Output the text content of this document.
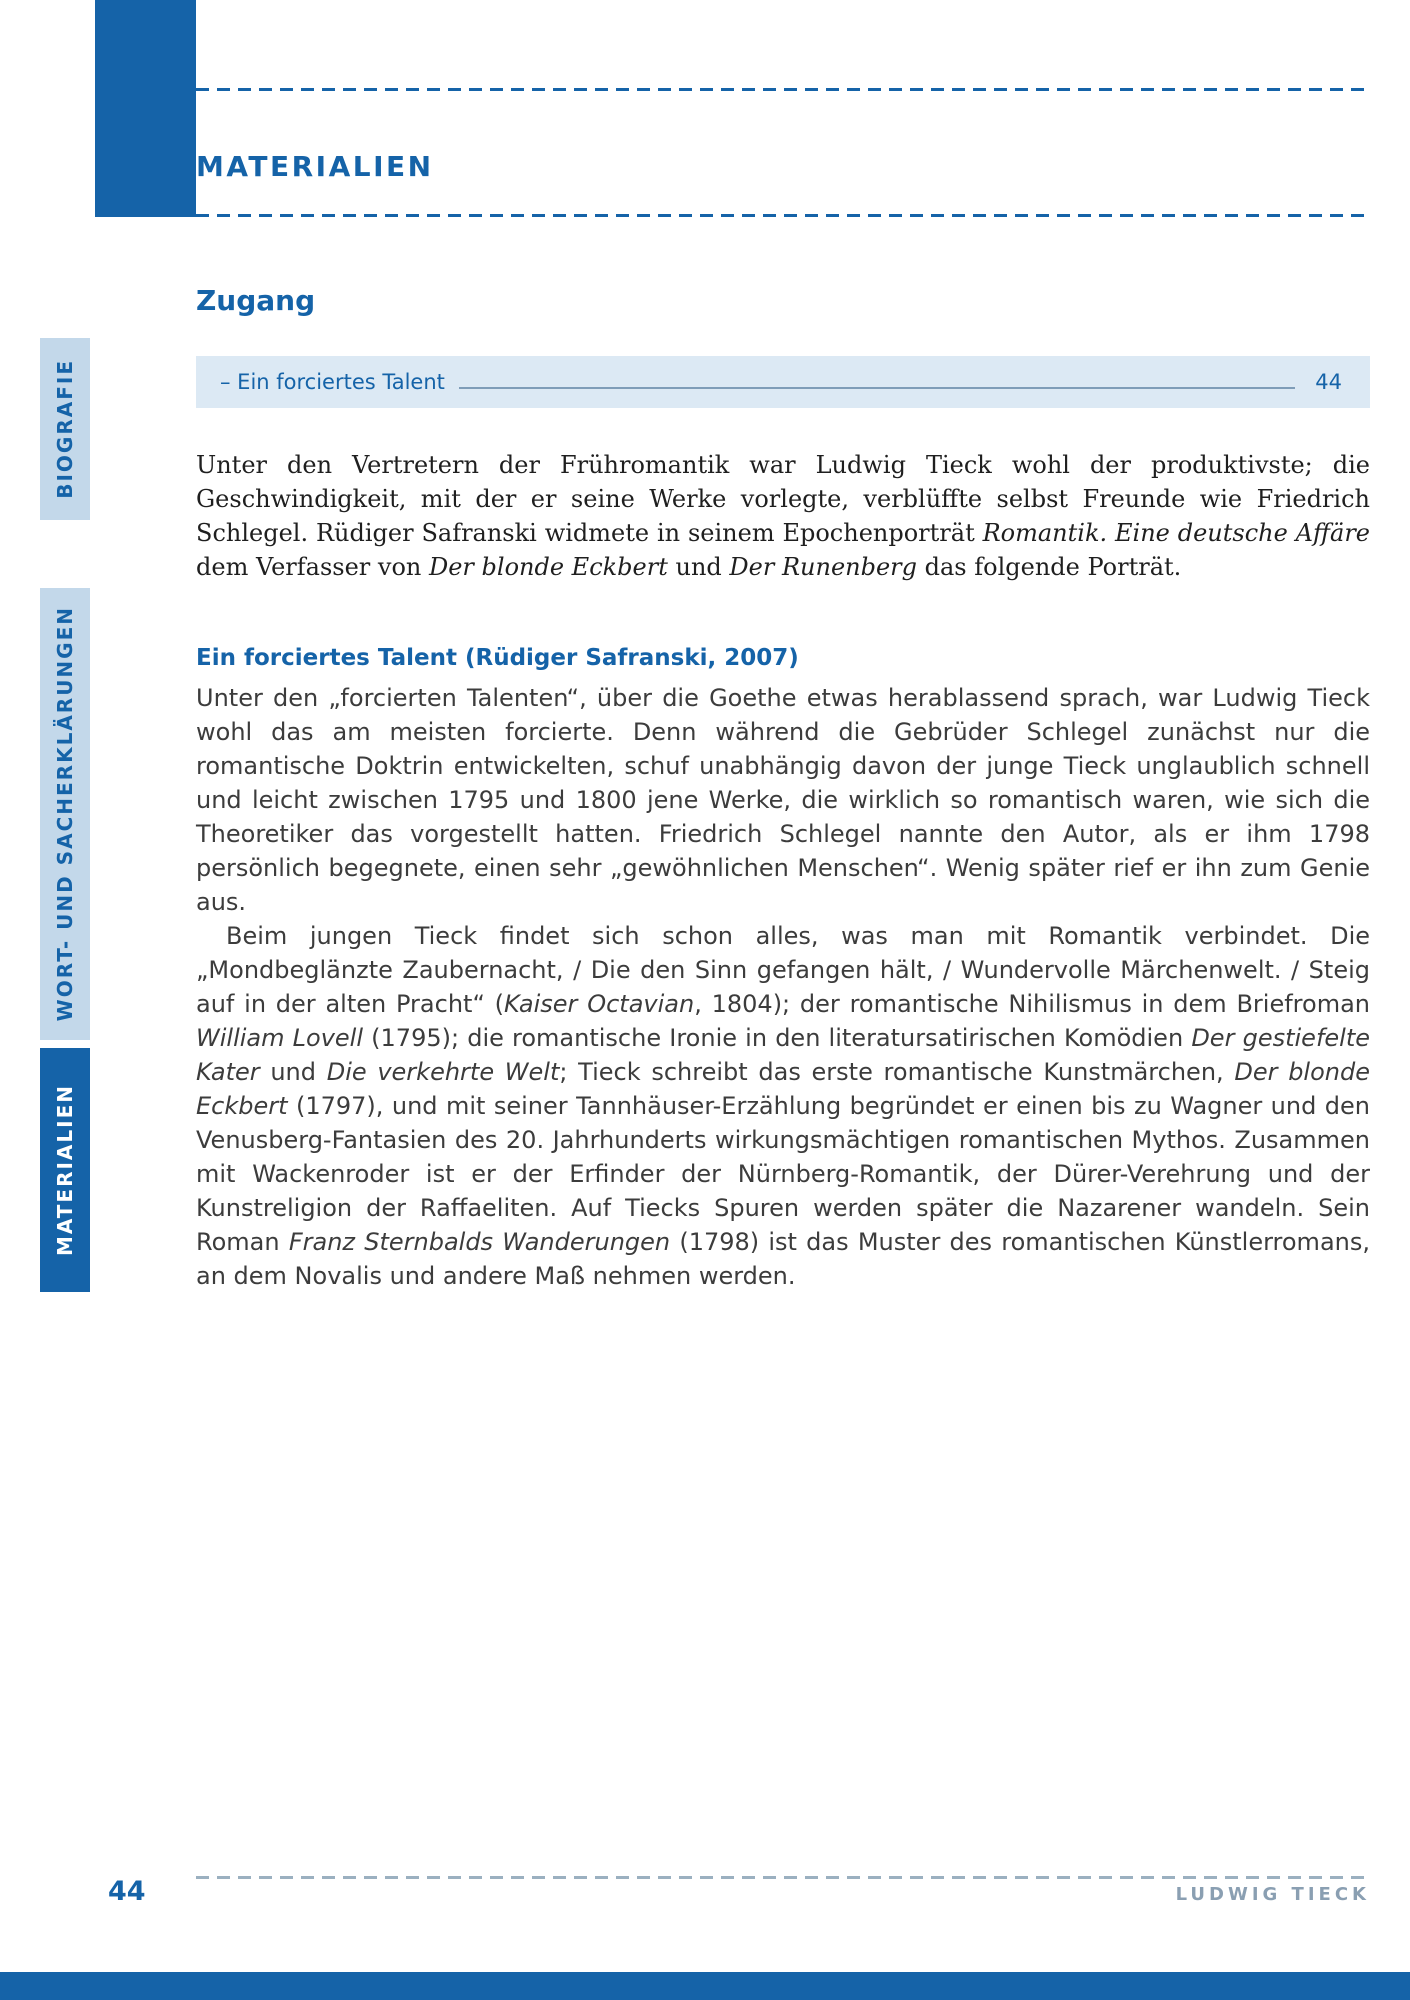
MATERIALIEN
BIOGRAFIE
WORT- UND SACHERKLÄRUNGEN
MATERIALIEN
Zugang
– Ein forciertes Talent	44

Unter den Vertretern der Frühromantik war Ludwig Tieck wohl der produktivste; die Geschwindigkeit, mit der er seine Werke vorlegte, verblüffte selbst Freunde wie Friedrich Schlegel. Rüdiger Safranski widmete in seinem Epochenporträt Romantik. Eine deutsche Affäre dem Verfasser von Der blonde Eckbert und Der Runenberg das folgende Porträt.

Ein forciertes Talent (Rüdiger Safranski, 2007)

Unter den „forcierten Talenten“, über die Goethe etwas herablassend sprach, war Ludwig Tieck wohl das am meisten forcierte. Denn während die Gebrüder Schlegel zunächst nur die romantische Doktrin entwickelten, schuf unabhängig davon der junge Tieck unglaublich schnell und leicht zwischen 1795 und 1800 jene Werke, die wirklich so romantisch waren, wie sich die Theoretiker das vorgestellt hatten. Friedrich Schlegel nannte den Autor, als er ihm 1798 persönlich begegnete, einen sehr „gewöhnlichen Menschen“. Wenig später rief er ihn zum Genie aus.

Beim jungen Tieck findet sich schon alles, was man mit Romantik verbindet. Die „Mondbeglänzte Zaubernacht, / Die den Sinn gefangen hält, / Wundervolle Märchenwelt. / Steig auf in der alten Pracht“ (Kaiser Octavian, 1804); der romantische Nihilismus in dem Briefroman William Lovell (1795); die romantische Ironie in den literatursatirischen Komödien Der gestiefelte Kater und Die verkehrte Welt; Tieck schreibt das erste romantische Kunstmärchen, Der blonde Eckbert (1797), und mit seiner Tannhäuser-Erzählung begründet er einen bis zu Wagner und den Venusberg-Fantasien des 20. Jahrhunderts wirkungsmächtigen romantischen Mythos. Zusammen mit Wackenroder ist er der Erfinder der Nürnberg-Romantik, der Dürer-Verehrung und der Kunstreligion der Raffaeliten. Auf Tiecks Spuren werden später die Nazarener wandeln. Sein Roman Franz Sternbalds Wanderungen (1798) ist das Muster des romantischen Künstlerromans, an dem Novalis und andere Maß nehmen werden.

44	LUDWIG TIECK
